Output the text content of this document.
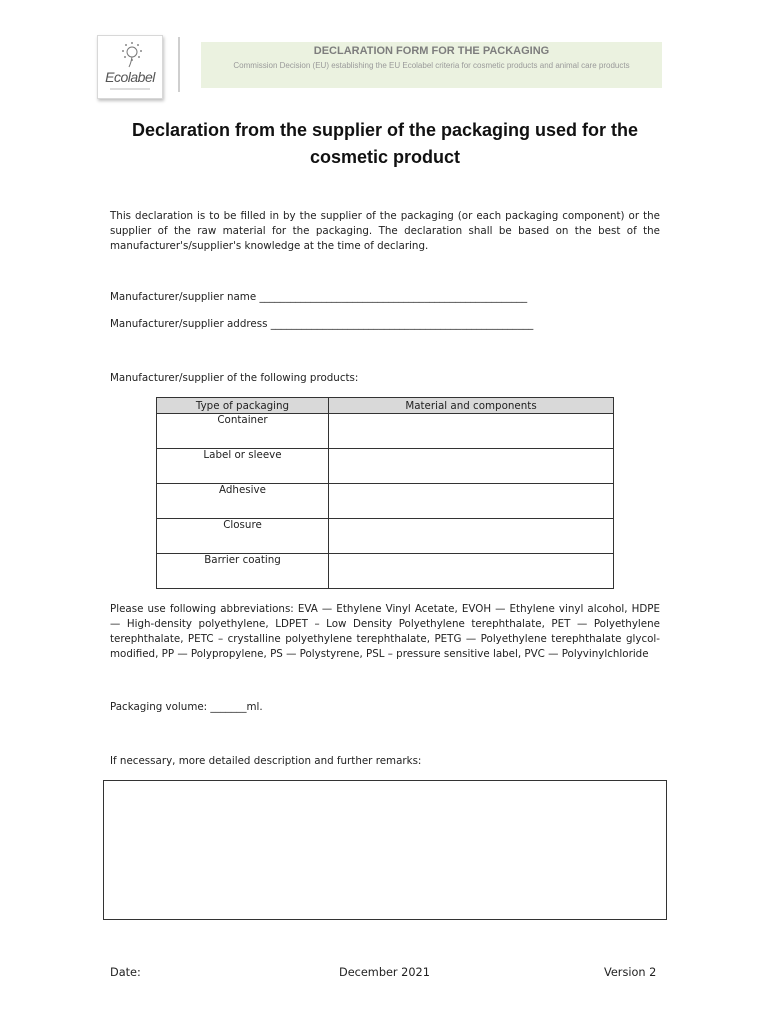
Ecolabel
DECLARATION FORM FOR THE PACKAGING
Commission Decision (EU) establishing the EU Ecolabel criteria for cosmetic products and animal care products
Declaration from the supplier of the packaging used for the cosmetic product
This declaration is to be filled in by the supplier of the packaging (or each packaging component) or the supplier of the raw material for the packaging. The declaration shall be based on the best of the manufacturer's/supplier's knowledge at the time of declaring.
Manufacturer/supplier name ____________________________________________________
Manufacturer/supplier address ___________________________________________________
Manufacturer/supplier of the following products:
Type of packaging	Material and components
Container	
Label or sleeve	
Adhesive	
Closure	
Barrier coating	
Please use following abbreviations: EVA — Ethylene Vinyl Acetate, EVOH — Ethylene vinyl alcohol, HDPE — High-density polyethylene, LDPET – Low Density Polyethylene terephthalate, PET — Polyethylene terephthalate, PETC – crystalline polyethylene terephthalate, PETG — Polyethylene terephthalate glycol-modified, PP — Polypropylene, PS — Polystyrene, PSL – pressure sensitive label, PVC — Polyvinylchloride
Packaging volume: _______ml.
If necessary, more detailed description and further remarks:
Date:	December 2021	Version 2
